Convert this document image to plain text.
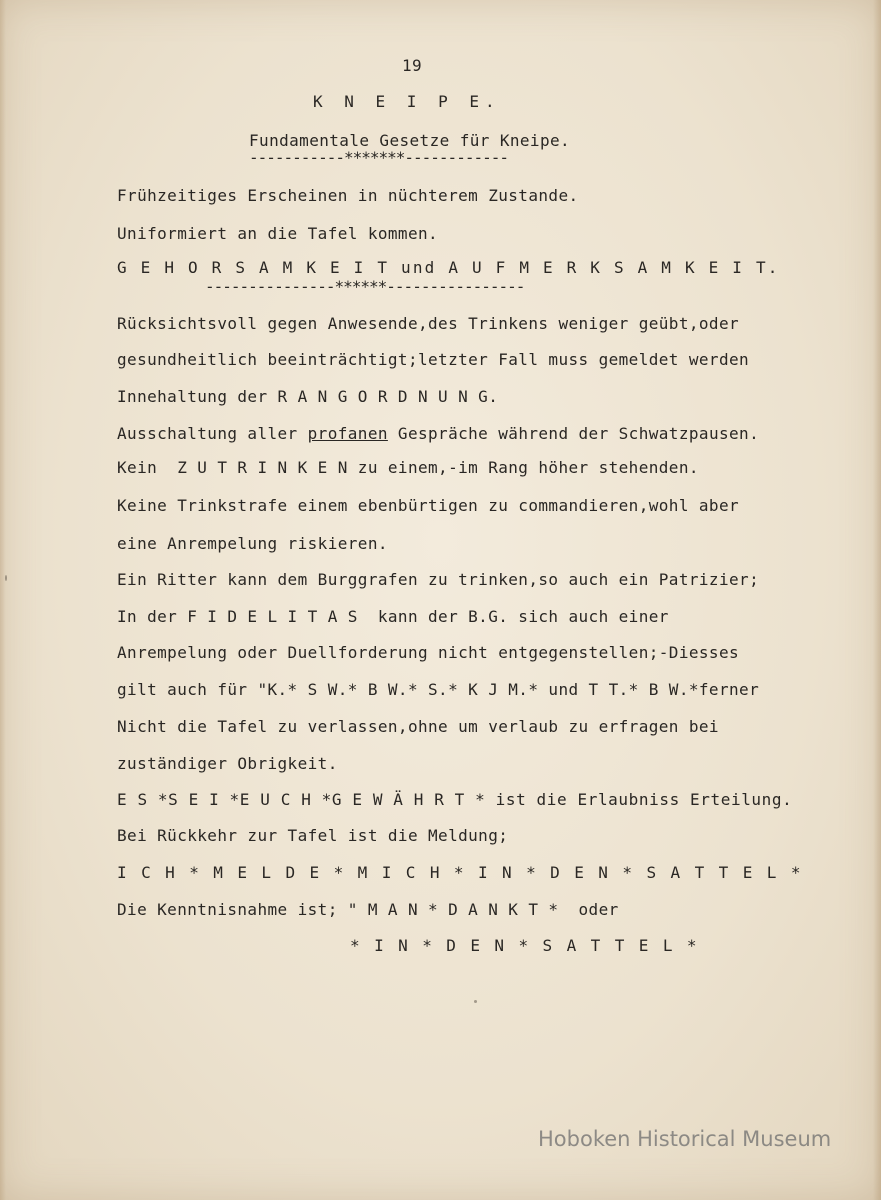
19
K N E I P E.
Fundamentale Gesetze für Kneipe.
-----------*******------------
Frühzeitiges Erscheinen in nüchterem Zustande.
Uniformiert an die Tafel kommen.
G E H O R S A M K E I T und A U F M E R K S A M K E I T.
---------------******----------------
Rücksichtsvoll gegen Anwesende,des Trinkens weniger geübt,oder
gesundheitlich beeinträchtigt;letzter Fall muss gemeldet werden
Innehaltung der R A N G O R D N U N G.
Ausschaltung aller profanen Gespräche während der Schwatzpausen.
Kein  Z U T R I N K E N zu einem,-im Rang höher stehenden.
Keine Trinkstrafe einem ebenbürtigen zu commandieren,wohl aber
eine Anrempelung riskieren.
Ein Ritter kann dem Burggrafen zu trinken,so auch ein Patrizier;
In der F I D E L I T A S  kann der B.G. sich auch einer
Anrempelung oder Duellforderung nicht entgegenstellen;-Diesses
gilt auch für "K.* S W.* B W.* S.* K J M.* und T T.* B W.*ferner
Nicht die Tafel zu verlassen,ohne um verlaub zu erfragen bei
zuständiger Obrigkeit.
E S *S E I *E U C H *G E W Ä H R T * ist die Erlaubniss Erteilung.
Bei Rückkehr zur Tafel ist die Meldung;
I C H * M E L D E * M I C H * I N * D E N * S A T T E L *
Die Kenntnisnahme ist; " M A N * D A N K T *  oder
* I N * D E N * S A T T E L *
Hoboken Historical Museum
